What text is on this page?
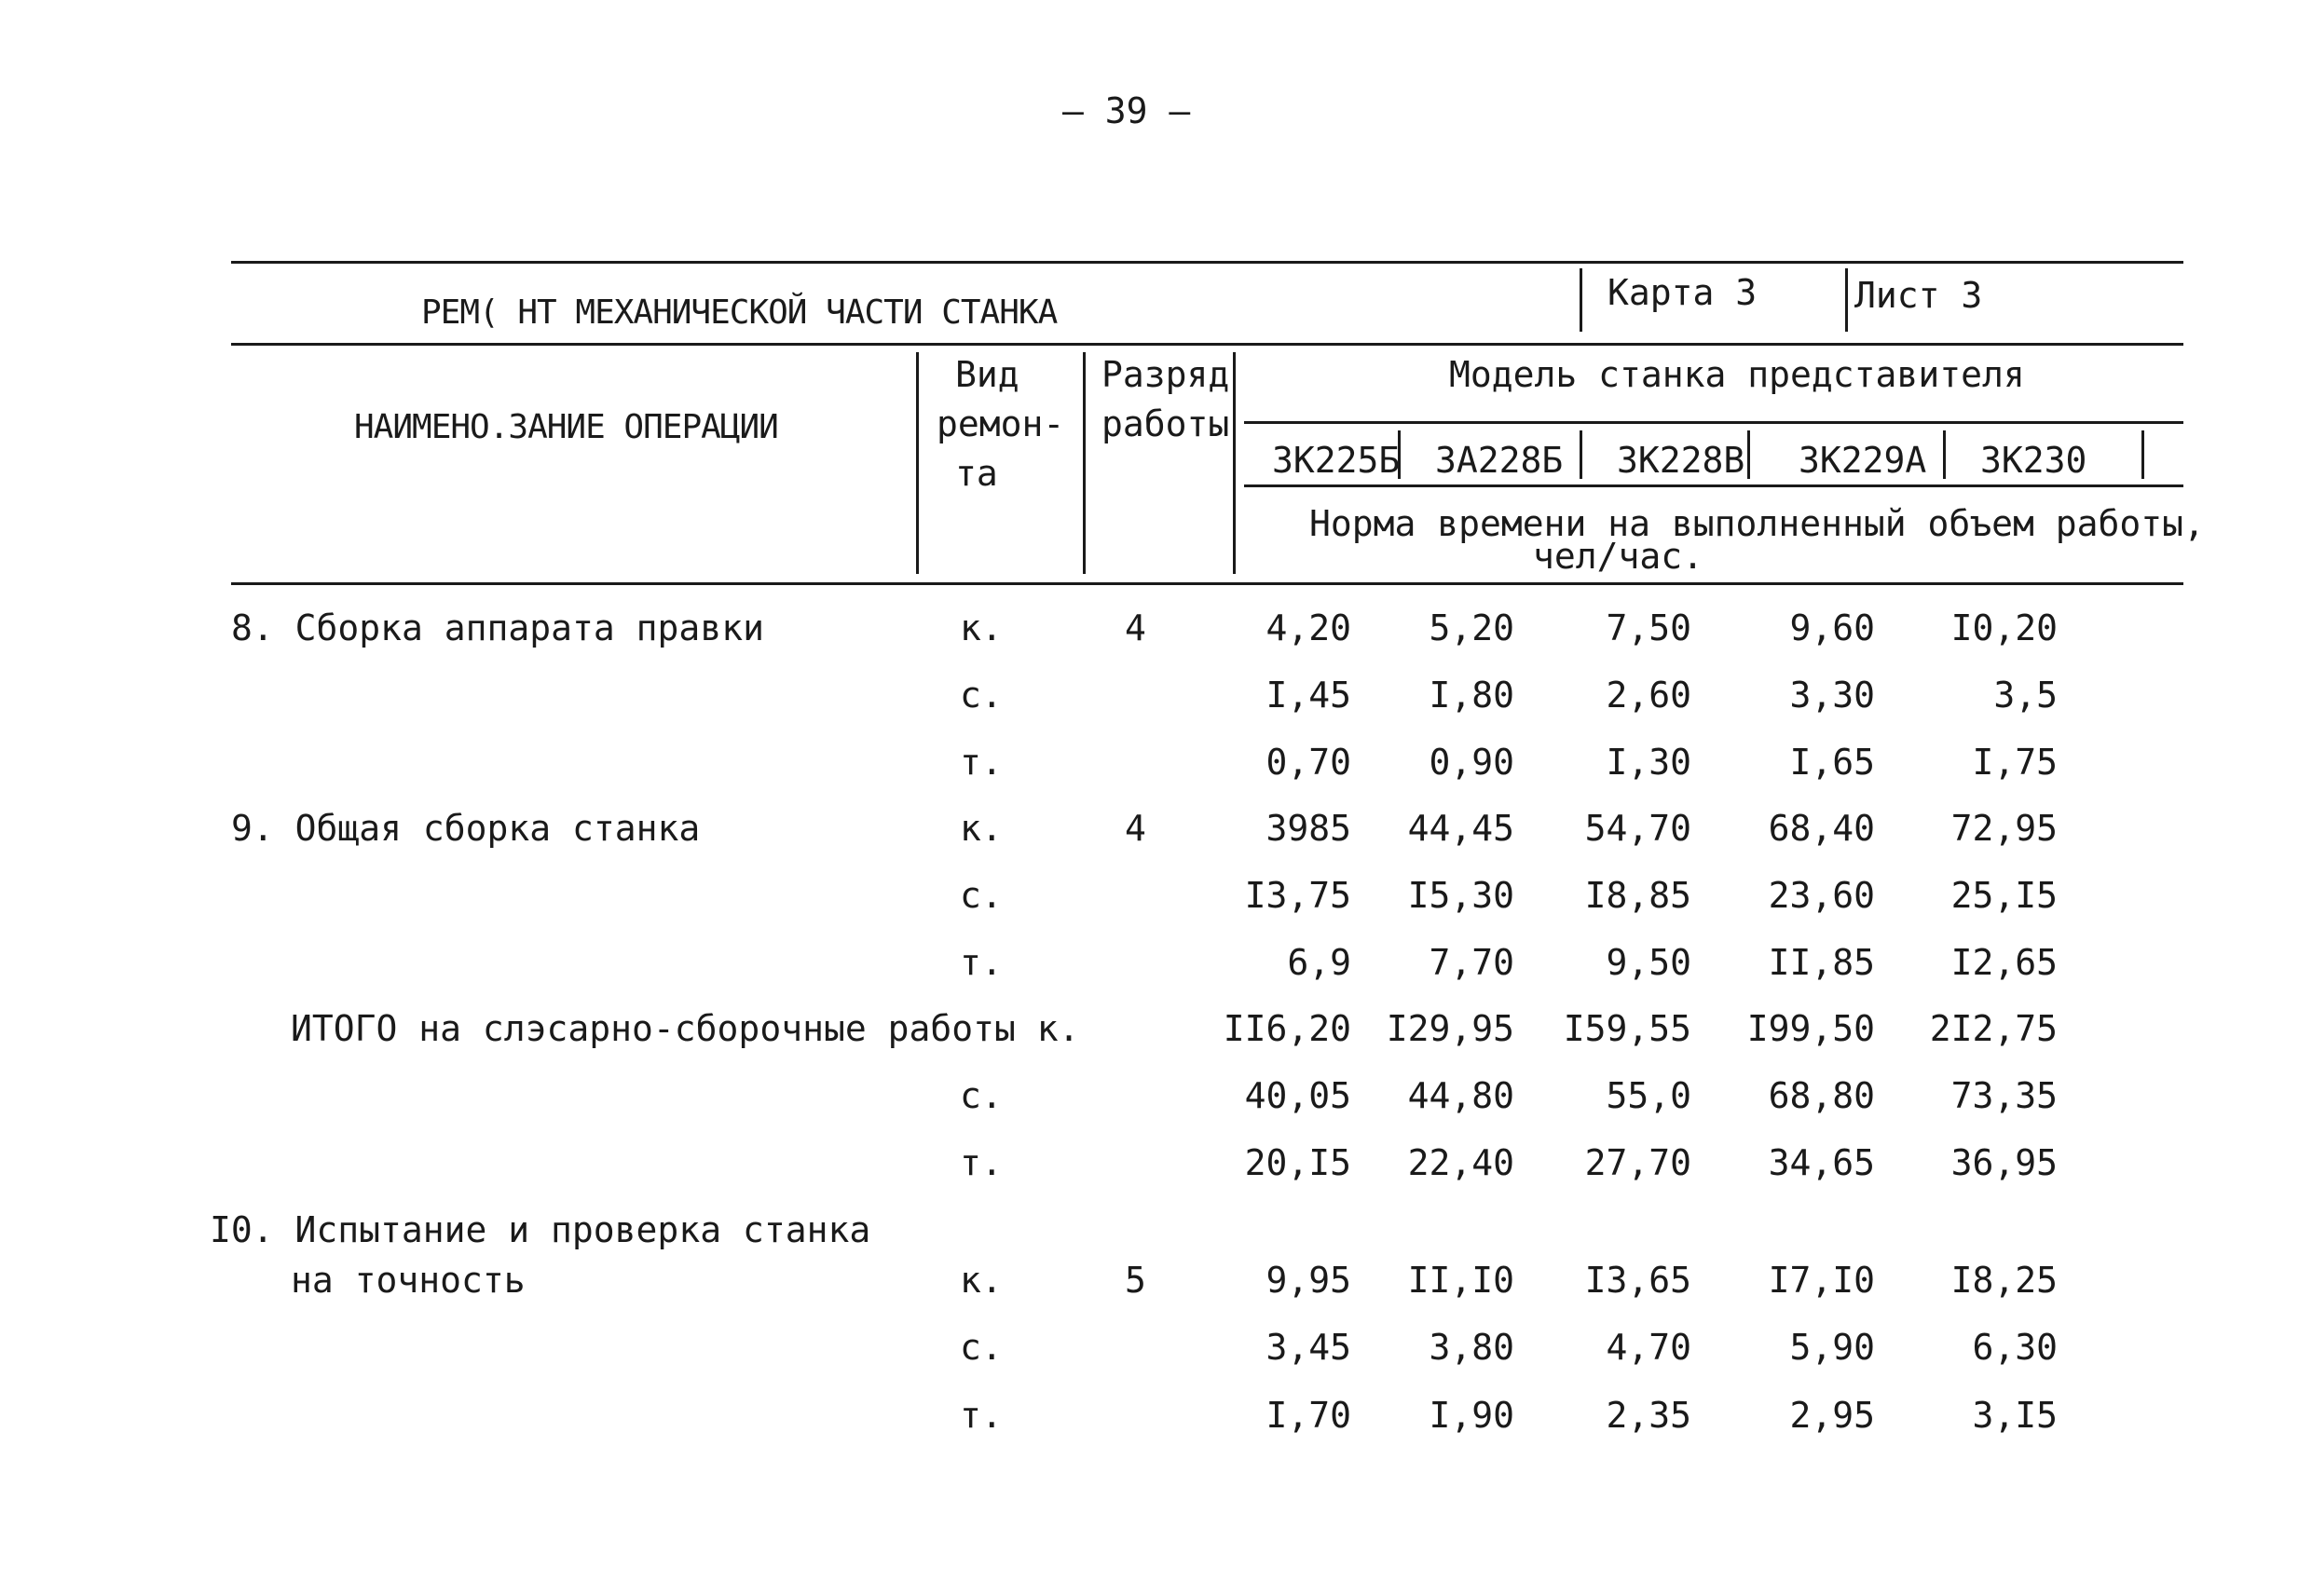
– 39 –
РЕМ( НТ МЕХАНИЧЕСКОЙ ЧАСТИ СТАНКА	Карта 3	Лист 3
НАИМЕНО.ЗАНИЕ ОПЕРАЦИИ
Вид
ремон-
та
Разряд
работы
Модель станка представителя
3К225Б 3А228Б 3К228В 3К229А 3К230
Норма времени на выполненный объем работы,
чел/час.
8. Сборка аппарата правки	к.	4	4,20	5,20	7,50	9,60	I0,20
с.	I,45	I,80	2,60	3,30	3,5
т.	0,70	0,90	I,30	I,65	I,75
9. Общая сборка станка	к.	4	3985	44,45	54,70	68,40	72,95
с.	I3,75	I5,30	I8,85	23,60	25,I5
т.	6,9	7,70	9,50	II,85	I2,65
ИТОГО на слэсарно-сборочные работы к.	II6,20 I29,95	I59,55	I99,50	2I2,75
с.	40,05	44,80	55,0	68,80	73,35
т.	20,I5	22,40	27,70	34,65	36,95
I0. Испытание и проверка станка
на точность	к.	5	9,95	II,I0	I3,65	I7,I0	I8,25
с.	3,45	3,80	4,70	5,90	6,30
т.	I,70	I,90	2,35	2,95	3,I5
